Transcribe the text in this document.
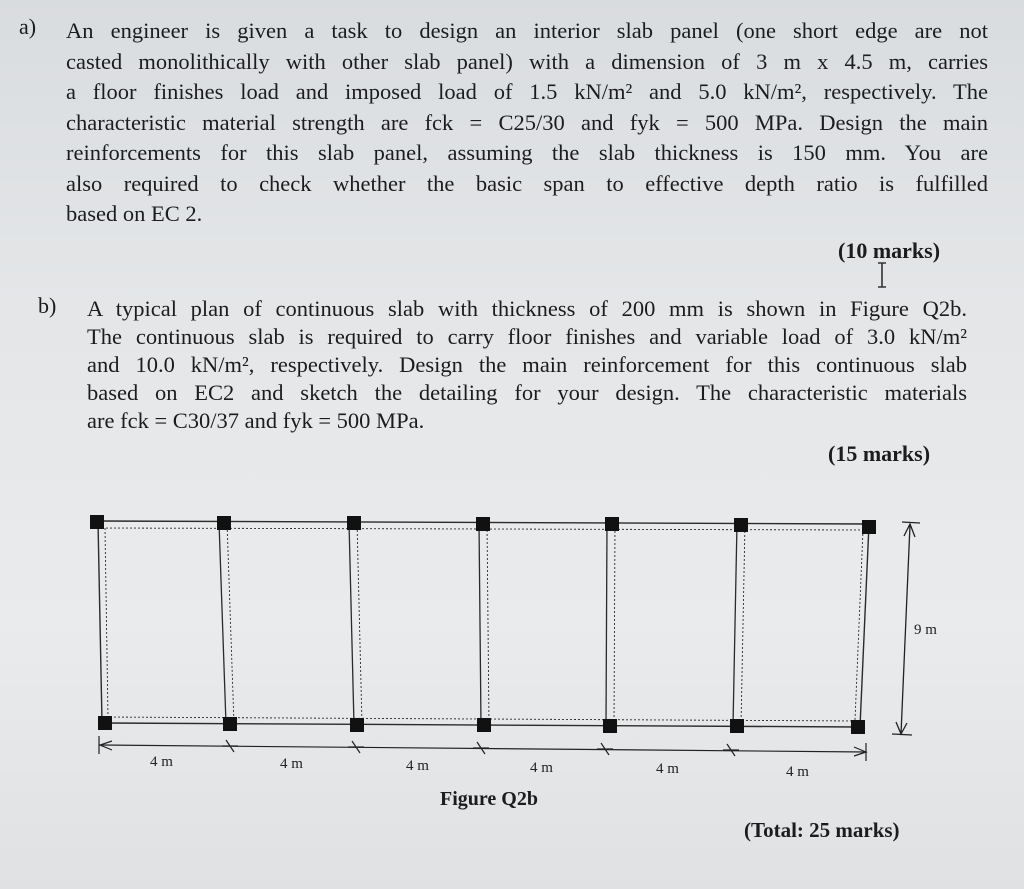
a) An engineer is given a task to design an interior slab panel (one short edge are not
casted monolithically with other slab panel) with a dimension of 3 m x 4.5 m, carries
a floor finishes load and imposed load of 1.5 kN/m² and 5.0 kN/m², respectively. The
characteristic material strength are fck = C25/30 and fyk = 500 MPa. Design the main
reinforcements for this slab panel, assuming the slab thickness is 150 mm. You are
also required to check whether the basic span to effective depth ratio is fulfilled
based on EC 2.
(10 marks)
b) A typical plan of continuous slab with thickness of 200 mm is shown in Figure Q2b.
The continuous slab is required to carry floor finishes and variable load of 3.0 kN/m²
and 10.0 kN/m², respectively. Design the main reinforcement for this continuous slab
based on EC2 and sketch the detailing for your design. The characteristic materials
are fck = C30/37 and fyk = 500 MPa.
(15 marks)
4 m	4 m	4 m	4 m	4 m	4 m
9 m
Figure Q2b
(Total: 25 marks)
